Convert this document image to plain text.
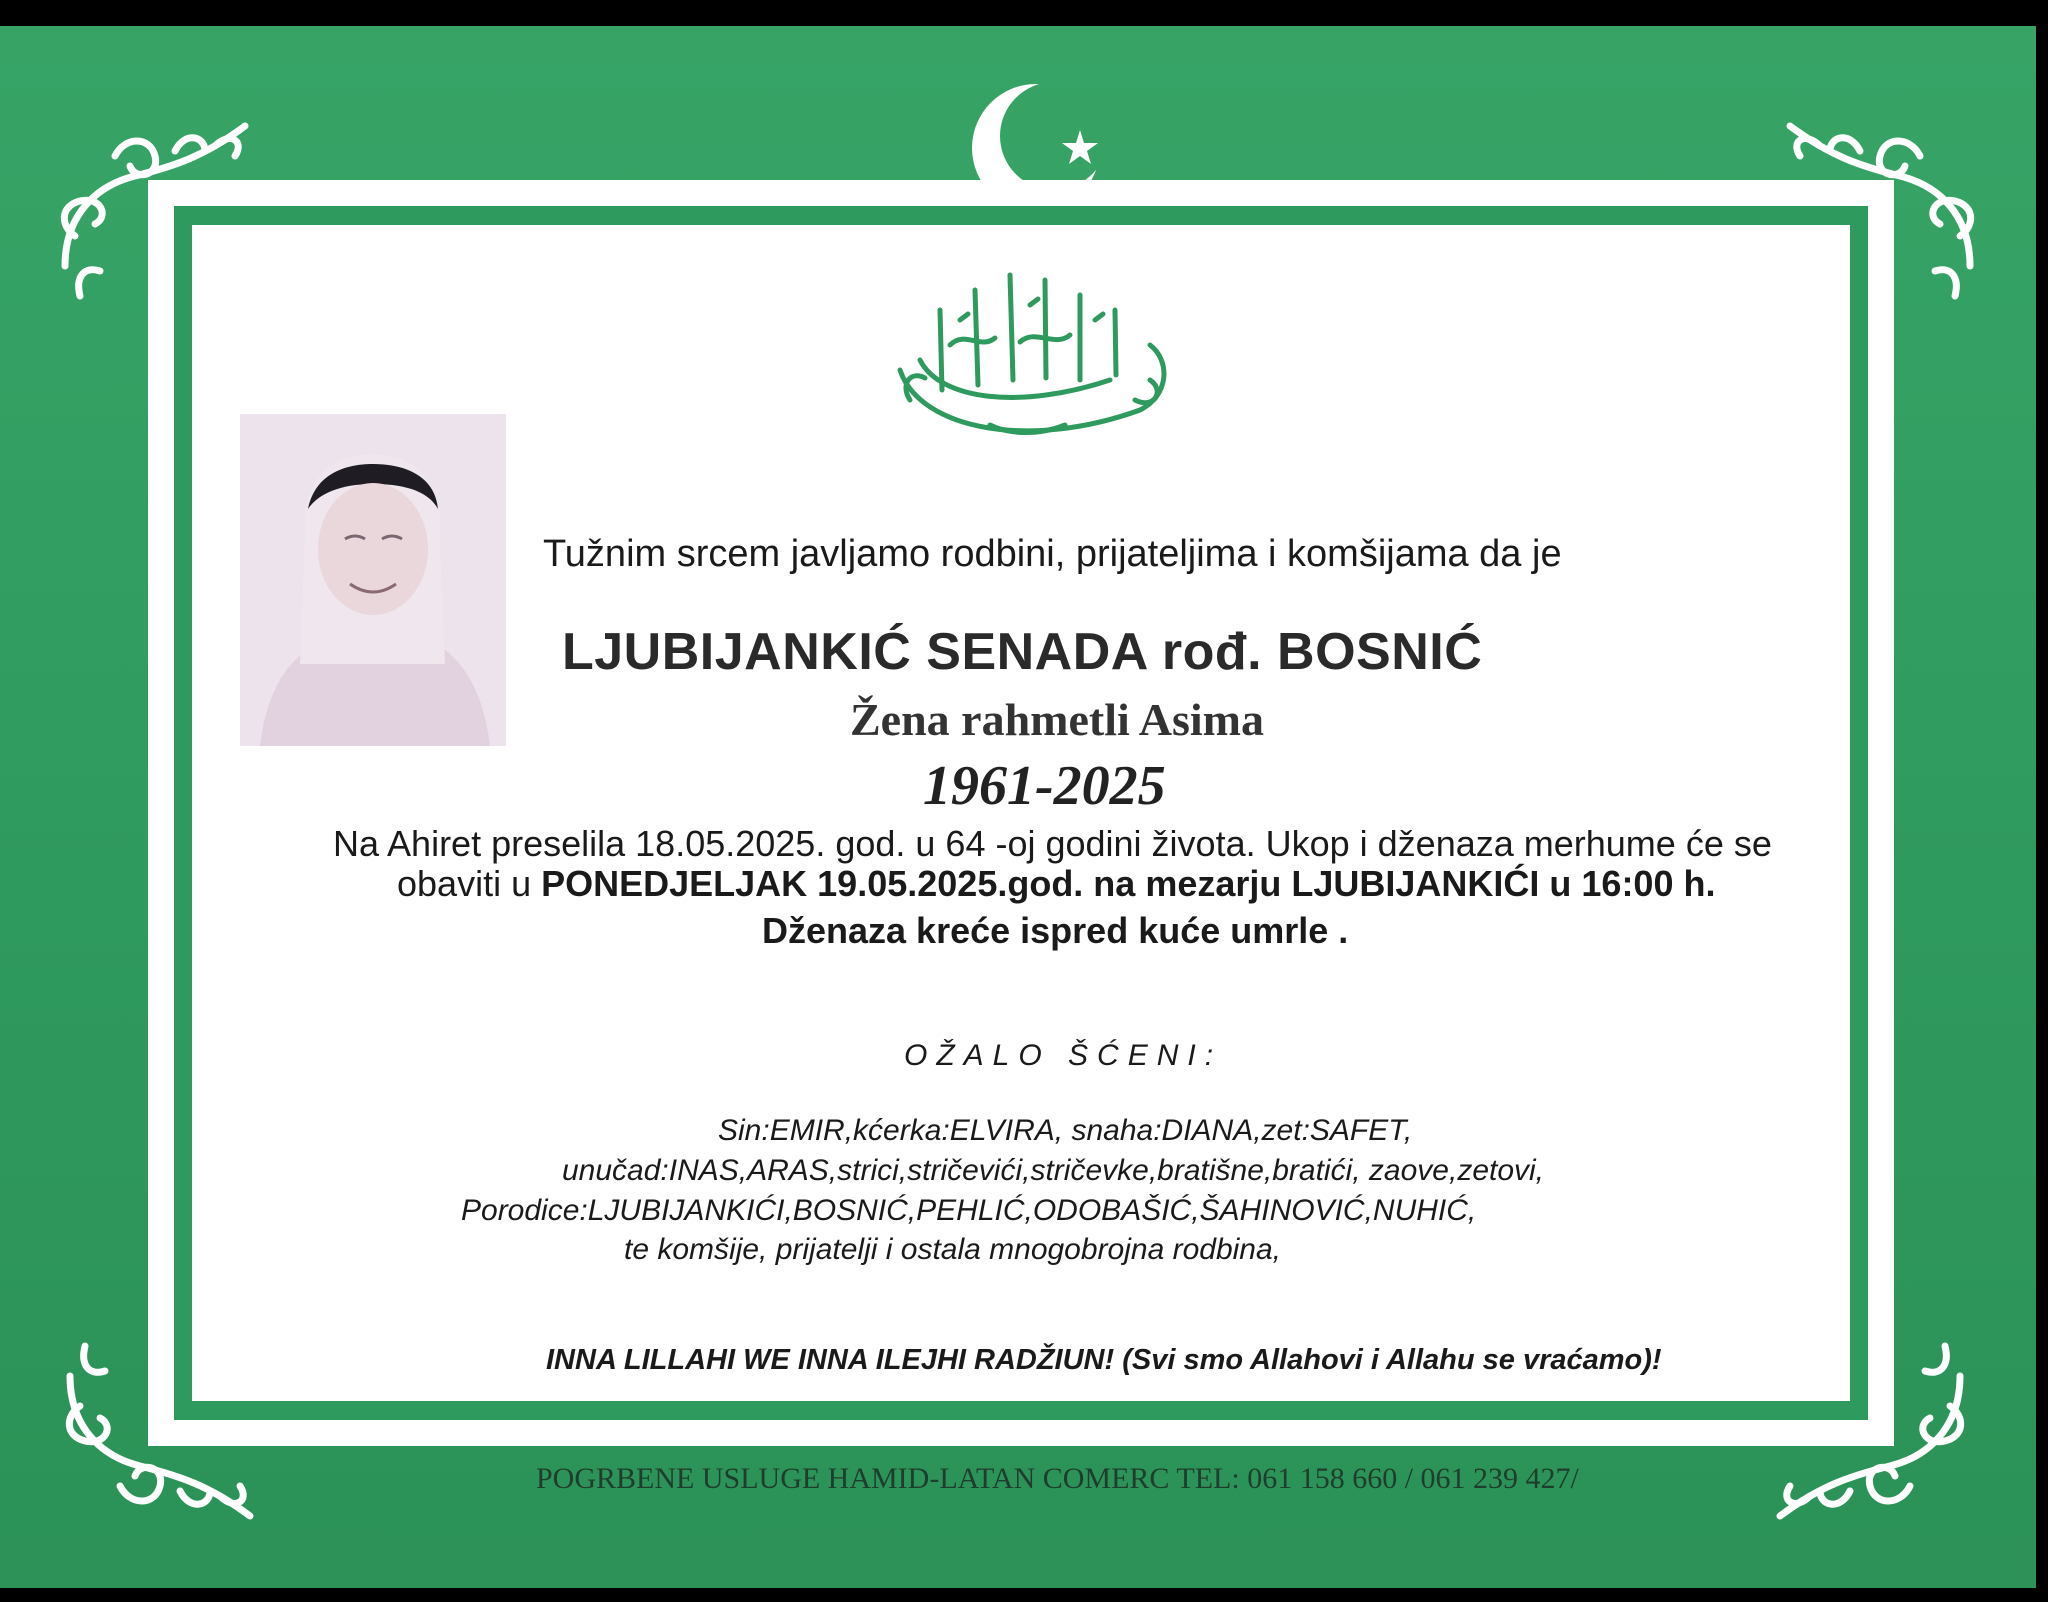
Tužnim srcem javljamo rodbini, prijateljima i komšijama da je
LJUBIJANKIĆ SENADA rođ. BOSNIĆ
Žena rahmetli Asima
1961-2025
Na Ahiret preselila 18.05.2025. god. u 64 -oj godini života. Ukop i dženaza merhume će se
obaviti u PONEDJELJAK 19.05.2025.god. na mezarju LJUBIJANKIĆI u 16:00 h.
Dženaza kreće ispred kuće umrle .
OŽALO ŠĆENI:
Sin:EMIR,kćerka:ELVIRA, snaha:DIANA,zet:SAFET,
unučad:INAS,ARAS,strici,stričevići,stričevke,bratišne,bratići, zaove,zetovi,
Porodice:LJUBIJANKIĆI,BOSNIĆ,PEHLIĆ,ODOBAŠIĆ,ŠAHINOVIĆ,NUHIĆ,
te komšije, prijatelji i ostala mnogobrojna rodbina,
INNA LILLAHI WE INNA ILEJHI RADŽIUN! (Svi smo Allahovi i Allahu se vraćamo)!
POGRBENE USLUGE HAMID-LATAN COMERC TEL: 061 158 660 / 061 239 427/
